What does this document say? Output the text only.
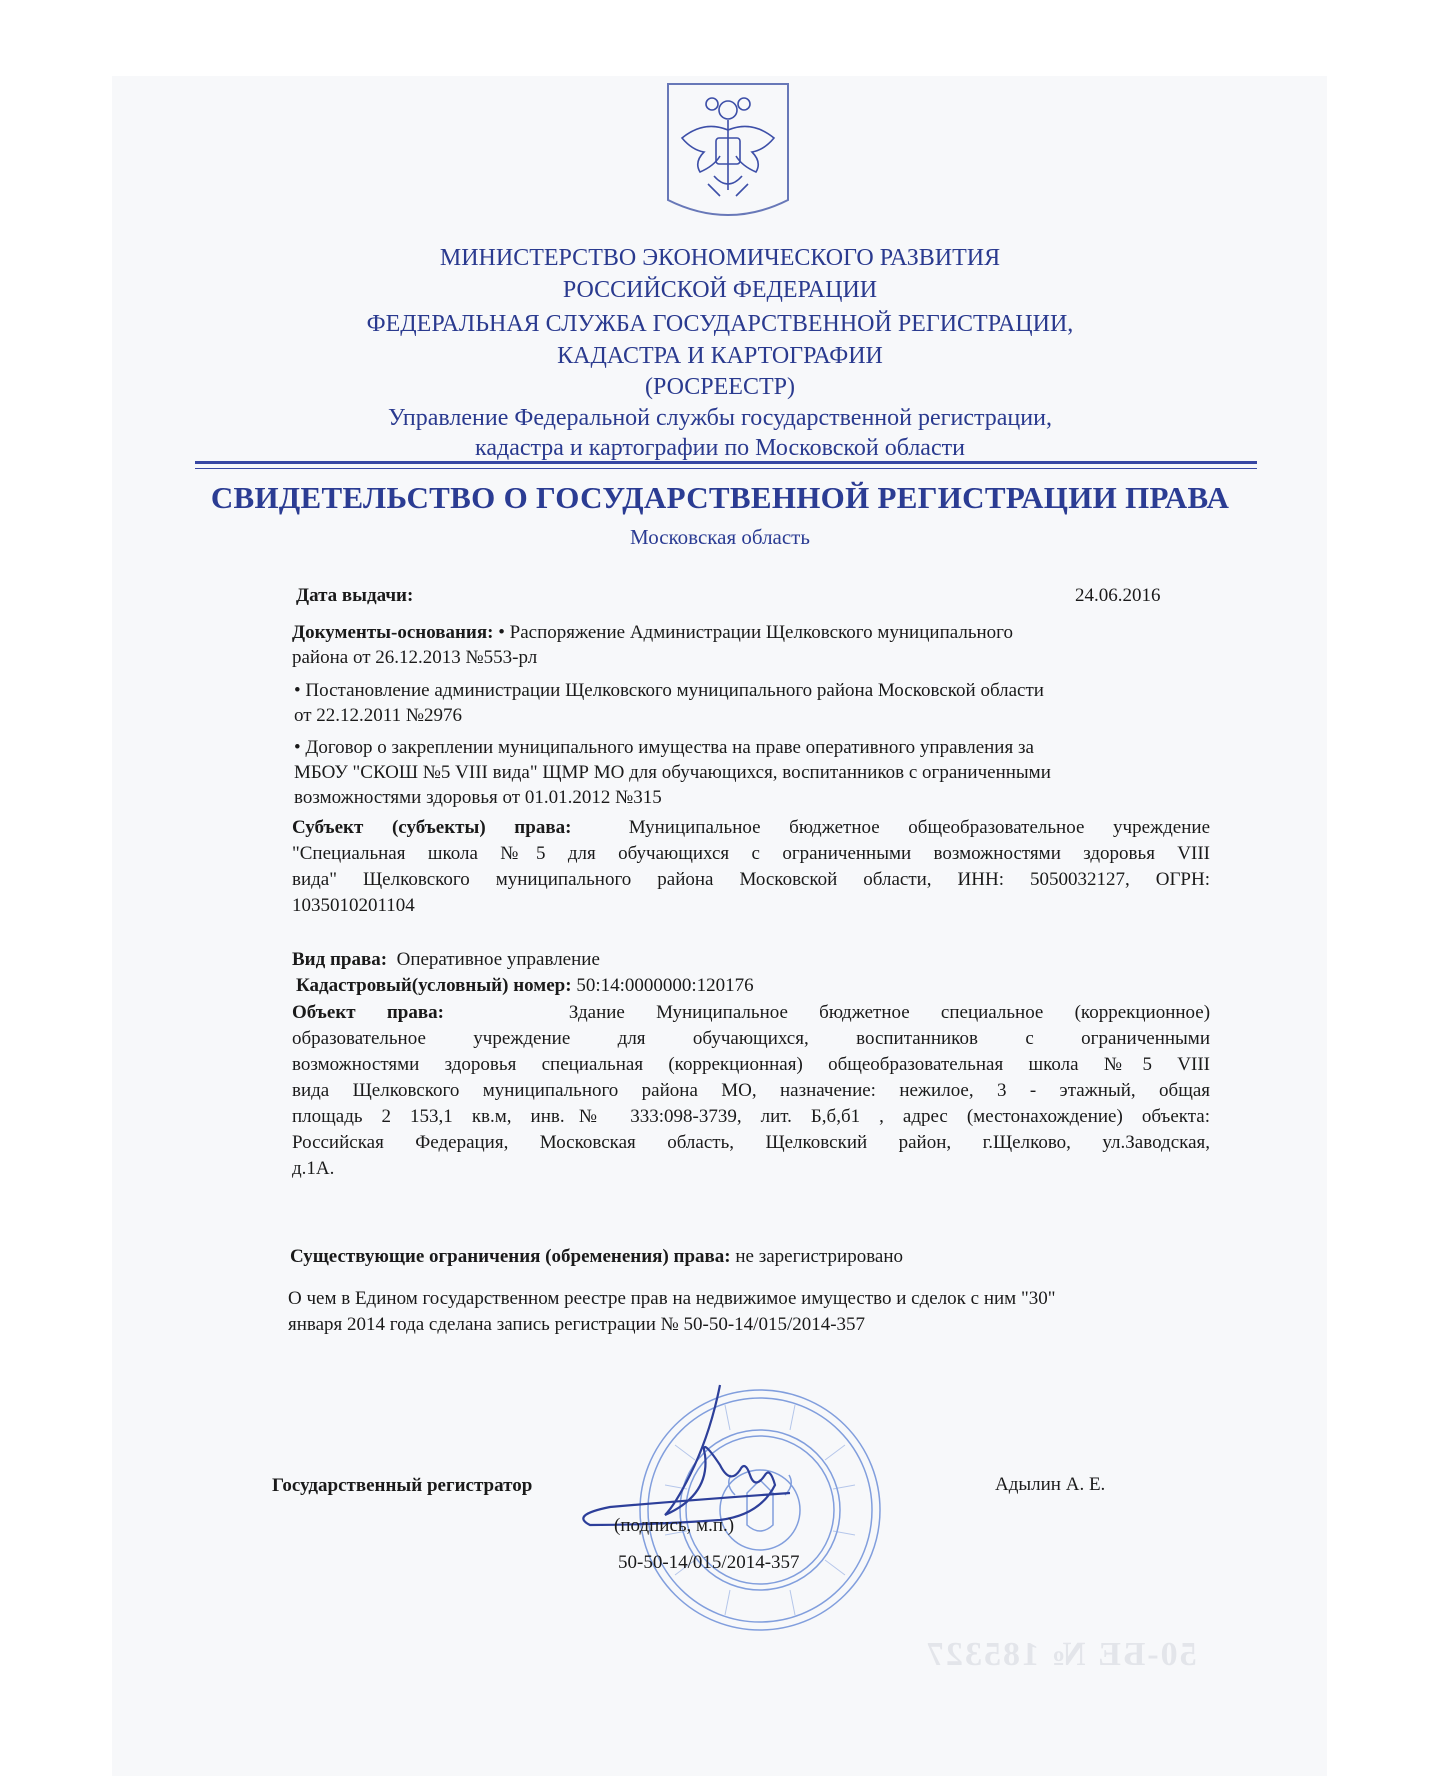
МИНИСТЕРСТВО ЭКОНОМИЧЕСКОГО РАЗВИТИЯ
РОССИЙСКОЙ ФЕДЕРАЦИИ
ФЕДЕРАЛЬНАЯ СЛУЖБА ГОСУДАРСТВЕННОЙ РЕГИСТРАЦИИ,
КАДАСТРА И КАРТОГРАФИИ
(РОСРЕЕСТР)
Управление Федеральной службы государственной регистрации,
кадастра и картографии по Московской области
СВИДЕТЕЛЬСТВО О ГОСУДАРСТВЕННОЙ РЕГИСТРАЦИИ ПРАВА
Московская область
Дата выдачи:	24.06.2016
Документы-основания: • Распоряжение Администрации Щелковского муниципального
района от 26.12.2013 №553-рл
• Постановление администрации Щелковского муниципального района Московской области
от 22.12.2011 №2976
• Договор о закреплении муниципального имущества на праве оперативного управления за
МБОУ "СКОШ №5 VIII вида" ЩМР МО для обучающихся, воспитанников с ограниченными
возможностями здоровья от 01.01.2012 №315
Субъект (субъекты) права:	Муниципальное бюджетное общеобразовательное учреждение
"Специальная школа №5 для обучающихся с ограниченными возможностями здоровья VIII
вида" Щелковского муниципального района Московской области, ИНН: 5050032127, ОГРН:
1035010201104
Вид права: Оперативное управление
Кадастровый(условный) номер: 50:14:0000000:120176
Объект права:	Здание Муниципальное бюджетное специальное (коррекционное)
образовательное учреждение для обучающихся, воспитанников с ограниченными
возможностями здоровья специальная (коррекционная) общеобразовательная школа №5 VIII
вида Щелковского муниципального района МО, назначение: нежилое, 3 - этажный, общая
площадь 2 153,1 кв.м, инв.№ 333:098-3739, лит. Б,б,б1 , адрес (местонахождение) объекта:
Российская Федерация, Московская область, Щелковский район, г.Щелково, ул.Заводская,
д.1А.
Существующие ограничения (обременения) права: не зарегистрировано
О чем в Едином государственном реестре прав на недвижимое имущество и сделок с ним "30"
января 2014 года сделана запись регистрации № 50-50-14/015/2014-357
Государственный регистратор	Адылин А. Е.
(подпись, м.п.)
50-50-14/015/2014-357
50-БЕ № 185327
